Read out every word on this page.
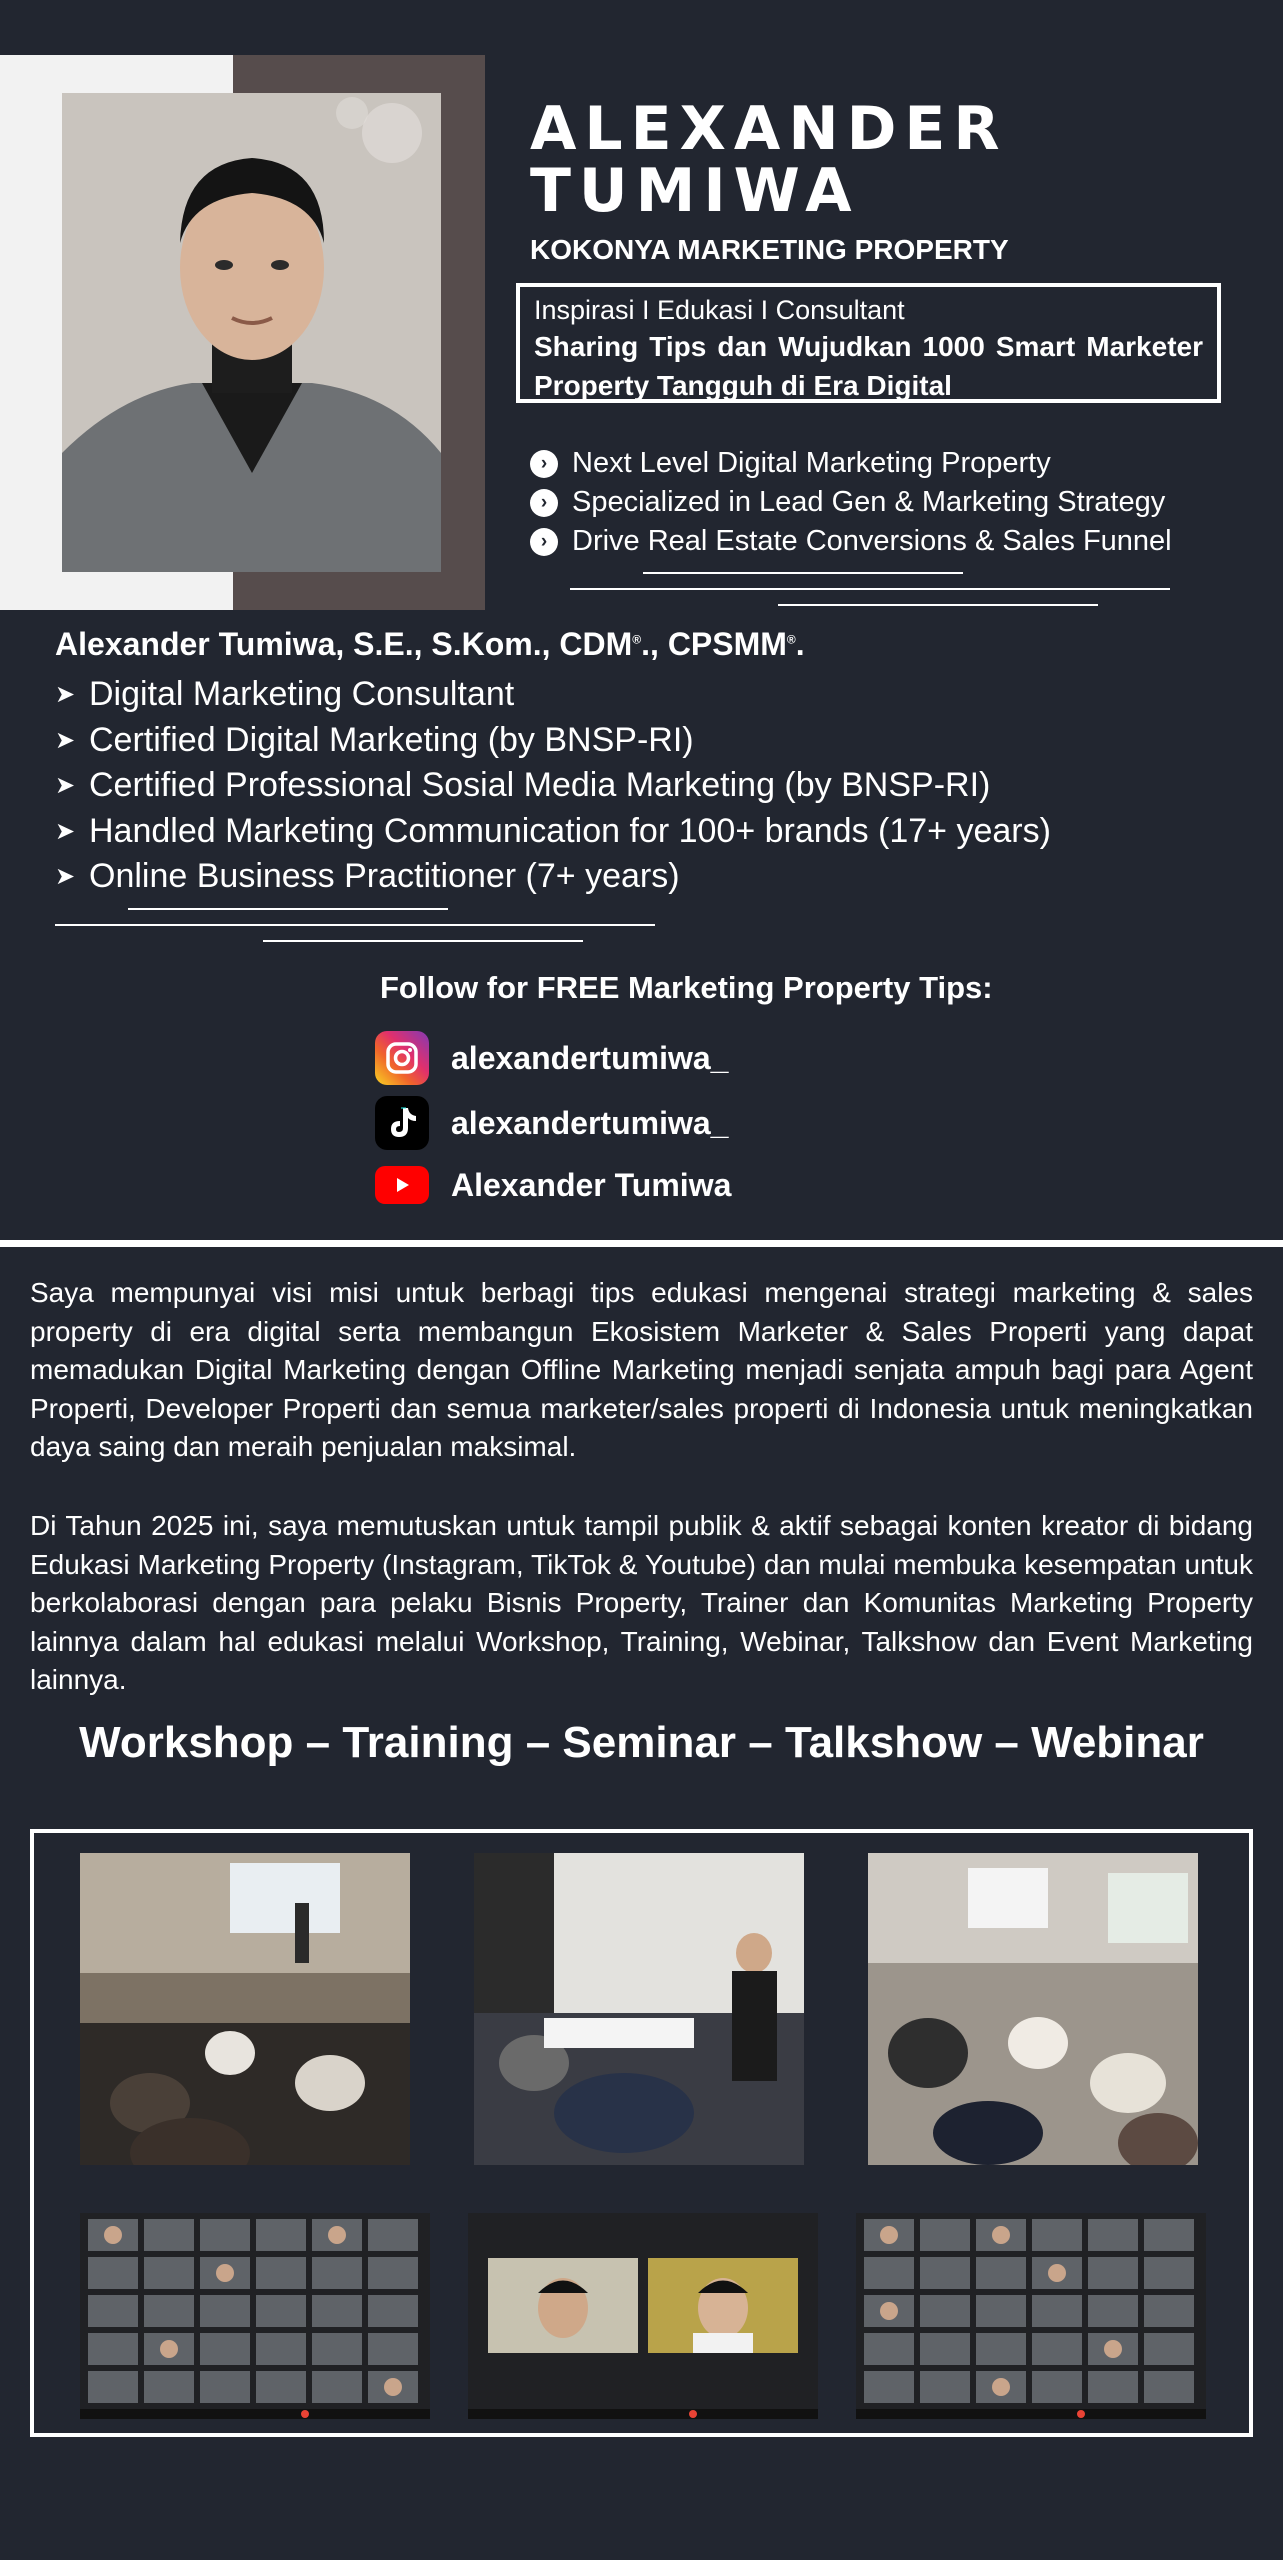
ALEXANDER TUMIWA

KOKONYA MARKETING PROPERTY

Inspirasi I Edukasi I Consultant
Sharing Tips dan Wujudkan 1000 Smart Marketer Property Tangguh di Era Digital
› Next Level Digital Marketing Property
› Specialized in Lead Gen & Marketing Strategy
› Drive Real Estate Conversions & Sales Funnel

Alexander Tumiwa, S.E., S.Kom., CDM®., CPSMM®.

➤ Digital Marketing Consultant
➤ Certified Digital Marketing (by BNSP-RI)
➤ Certified Professional Sosial Media Marketing (by BNSP-RI)
➤ Handled Marketing Communication for 100+ brands (17+ years)
➤ Online Business Practitioner (7+ years)

Follow for FREE Marketing Property Tips:

alexandertumiwa_
alexandertumiwa_
Alexander Tumiwa

Saya mempunyai visi misi untuk berbagi tips edukasi mengenai strategi marketing & sales property di era digital serta membangun Ekosistem Marketer & Sales Properti yang dapat memadukan Digital Marketing dengan Offline Marketing menjadi senjata ampuh bagi para Agent Properti, Developer Properti dan semua marketer/sales properti di Indonesia untuk meningkatkan daya saing dan meraih penjualan maksimal.

Di Tahun 2025 ini, saya memutuskan untuk tampil publik & aktif sebagai konten kreator di bidang Edukasi Marketing Property (Instagram, TikTok & Youtube) dan mulai membuka kesempatan untuk berkolaborasi dengan para pelaku Bisnis Property, Trainer dan Komunitas Marketing Property lainnya dalam hal edukasi melalui Workshop, Training, Webinar, Talkshow dan Event Marketing lainnya.

Workshop – Training – Seminar – Talkshow – Webinar
